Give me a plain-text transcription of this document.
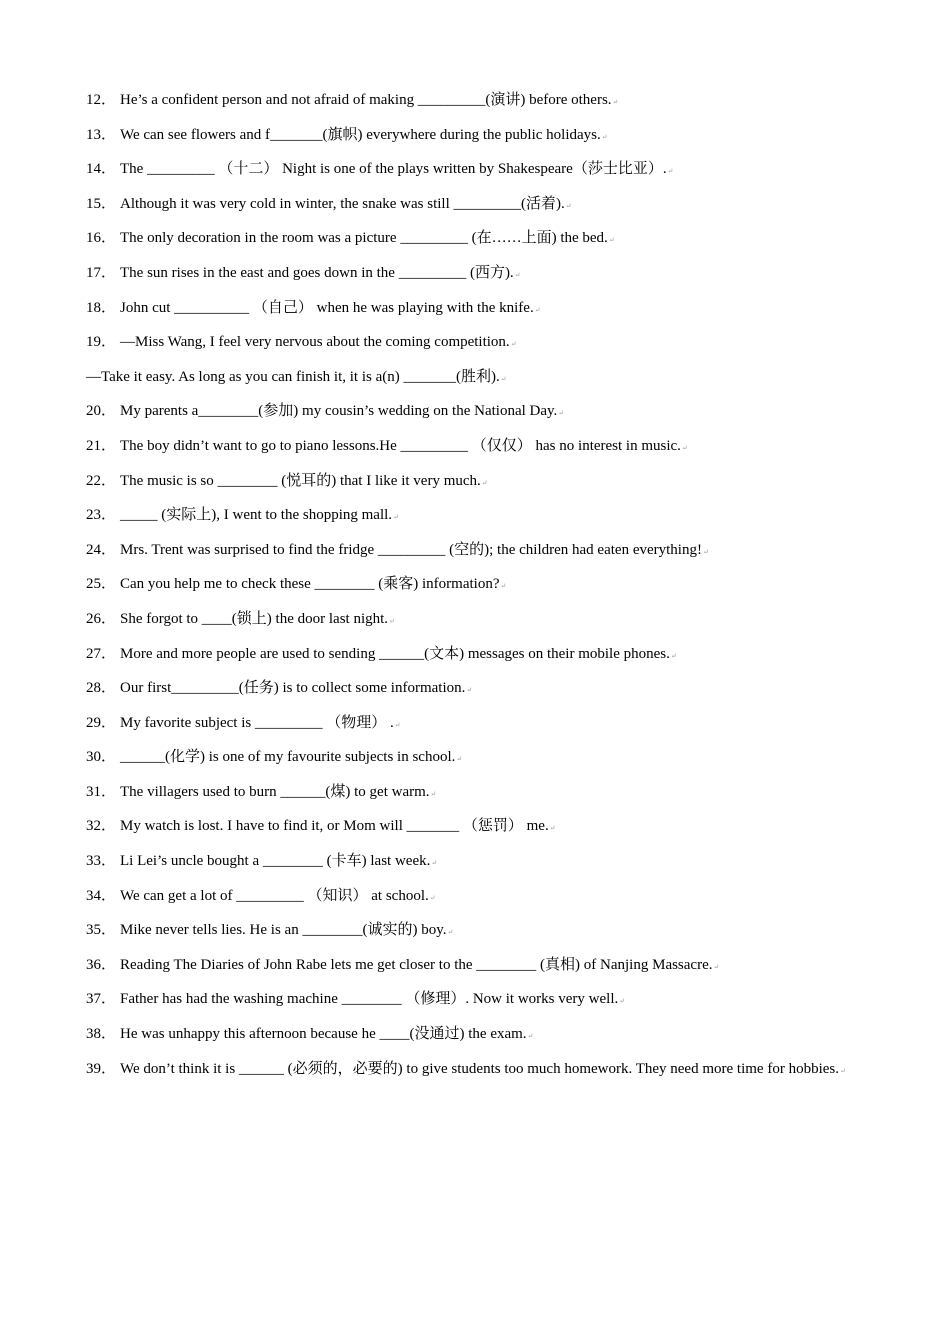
12． He’s a confident person and not afraid of making _________(演讲) before others.↵
13． We can see flowers and f_______(旗帜) everywhere during the public holidays.↵
14． The _________ （十二） Night is one of the plays written by Shakespeare（莎士比亚）.↵
15． Although it was very cold in winter, the snake was still _________(活着).↵
16． The only decoration in the room was a picture _________ (在……上面) the bed.↵
17． The sun rises in the east and goes down in the _________ (西方).↵
18． John cut __________ （自己） when he was playing with the knife.↵
19． —Miss Wang, I feel very nervous about the coming competition.↵
—Take it easy. As long as you can finish it, it is a(n) _______(胜利).↵
20． My parents a________(参加) my cousin’s wedding on the National Day.↵
21． The boy didn’t want to go to piano lessons.He _________ （仅仅） has no interest in music.↵
22． The music is so ________ (悦耳的) that I like it very much.↵
23． _____ (实际上), I went to the shopping mall.↵
24． Mrs. Trent was surprised to find the fridge _________ (空的); the children had eaten everything!↵
25． Can you help me to check these ________ (乘客) information?↵
26． She forgot to ____(锁上) the door last night.↵
27． More and more people are used to sending ______(文本) messages on their mobile phones.↵
28． Our first_________(任务) is to collect some information.↵
29． My favorite subject is _________ （物理） .↵
30． ______(化学) is one of my favourite subjects in school.↵
31． The villagers used to burn ______(煤) to get warm.↵
32． My watch is lost. I have to find it, or Mom will _______ （惩罚） me.↵
33． Li Lei’s uncle bought a ________ (卡车) last week.↵
34． We can get a lot of _________ （知识） at school.↵
35． Mike never tells lies. He is an ________(诚实的) boy.↵
36． Reading The Diaries of John Rabe lets me get closer to the ________ (真相) of Nanjing Massacre.↵
37． Father has had the washing machine ________ （修理）. Now it works very well.↵
38． He was unhappy this afternoon because he ____(没通过) the exam.↵
39． We don’t think it is ______ (必须的，必要的) to give students too much homework. They need more time for hobbies.↵
